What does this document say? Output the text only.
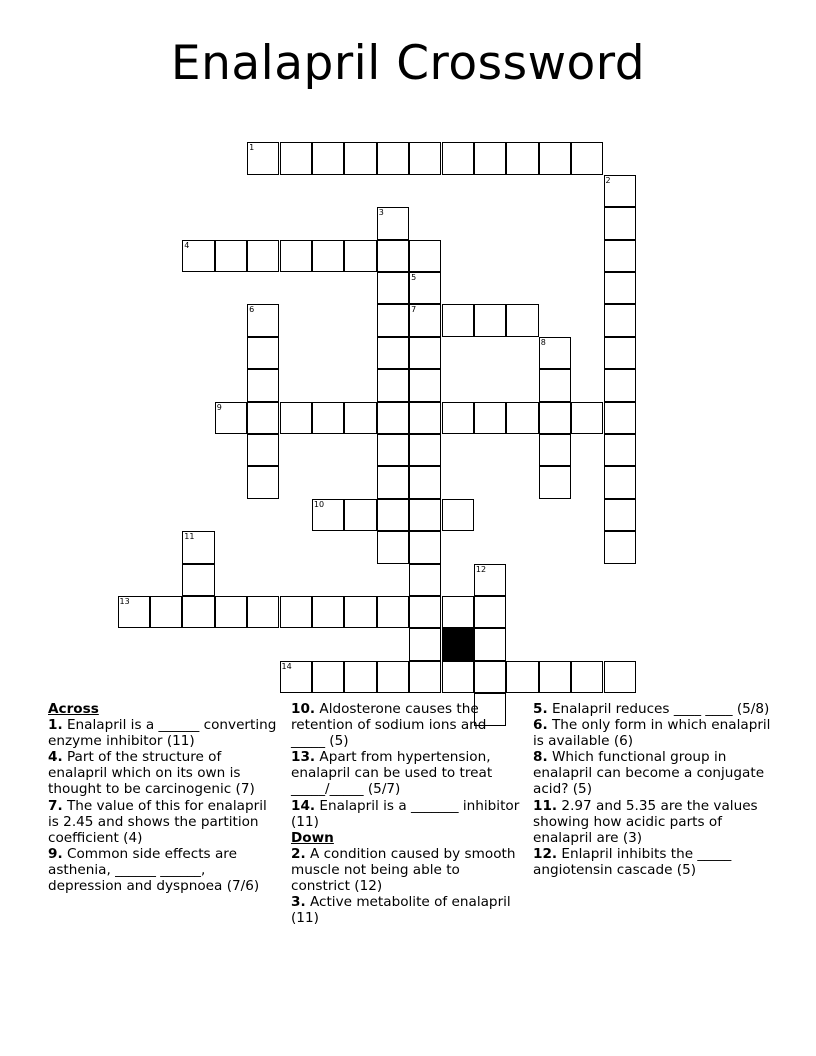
Enalapril Crossword
1
2
3
4
5
6	7
8
9
10
11
12
13
14
Across
1. Enalapril is a ______ converting enzyme inhibitor (11)
4. Part of the structure of enalapril which on its own is thought to be carcinogenic (7)
7. The value of this for enalapril is 2.45 and shows the partition coefficient (4)
9. Common side effects are asthenia, ______ ______, depression and dyspnoea (7/6)
10. Aldosterone causes the retention of sodium ions and _____ (5)
13. Apart from hypertension, enalapril can be used to treat _____/_____ (5/7)
14. Enalapril is a _______ inhibitor (11)
Down
2. A condition caused by smooth muscle not being able to constrict (12)
3. Active metabolite of enalapril (11)
5. Enalapril reduces ____ ____ (5/8)
6. The only form in which enalapril is available (6)
8. Which functional group in enalapril can become a conjugate acid? (5)
11. 2.97 and 5.35 are the values showing how acidic parts of enalapril are (3)
12. Enlapril inhibits the _____ angiotensin cascade (5)
